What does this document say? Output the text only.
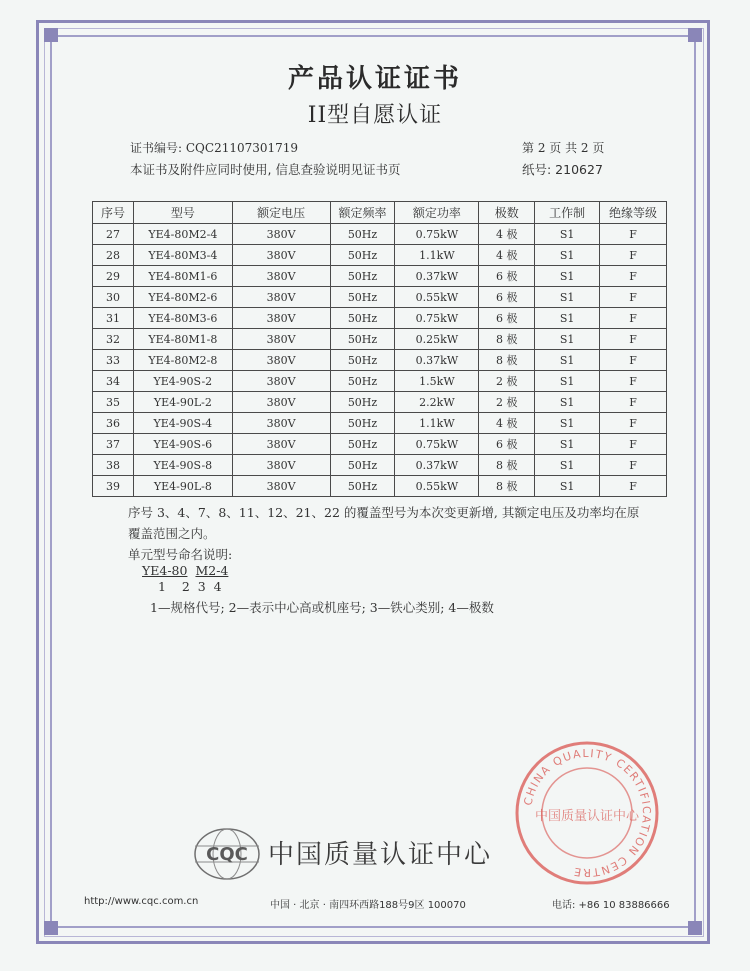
产品认证证书
II型自愿认证
证书编号: CQC21107301719	第 2 页 共 2 页
本证书及附件应同时使用, 信息查验说明见证书页	纸号: 210627
序号	型号	额定电压	额定频率	额定功率	极数	工作制	绝缘等级
27	YE4-80M2-4	380V	50Hz	0.75kW	4 极	S1	F
28	YE4-80M3-4	380V	50Hz	1.1kW	4 极	S1	F
29	YE4-80M1-6	380V	50Hz	0.37kW	6 极	S1	F
30	YE4-80M2-6	380V	50Hz	0.55kW	6 极	S1	F
31	YE4-80M3-6	380V	50Hz	0.75kW	6 极	S1	F
32	YE4-80M1-8	380V	50Hz	0.25kW	8 极	S1	F
33	YE4-80M2-8	380V	50Hz	0.37kW	8 极	S1	F
34	YE4-90S-2	380V	50Hz	1.5kW	2 极	S1	F
35	YE4-90L-2	380V	50Hz	2.2kW	2 极	S1	F
36	YE4-90S-4	380V	50Hz	1.1kW	4 极	S1	F
37	YE4-90S-6	380V	50Hz	0.75kW	6 极	S1	F
38	YE4-90S-8	380V	50Hz	0.37kW	8 极	S1	F
39	YE4-90L-8	380V	50Hz	0.55kW	8 极	S1	F
序号 3、4、7、8、11、12、21、22 的覆盖型号为本次变更新增, 其额定电压及功率均在原
覆盖范围之内。
单元型号命名说明:
YE4-80 M2-4
1    2  3  4
1—规格代号; 2—表示中心高或机座号; 3—铁心类别; 4—极数
CHINA QUALITY CERTIFICATION CENTRE
中国质量认证中心
CQC 中国质量认证中心
http://www.cqc.com.cn	中国 · 北京 · 南四环西路188号9区 100070	电话: +86 10 83886666
